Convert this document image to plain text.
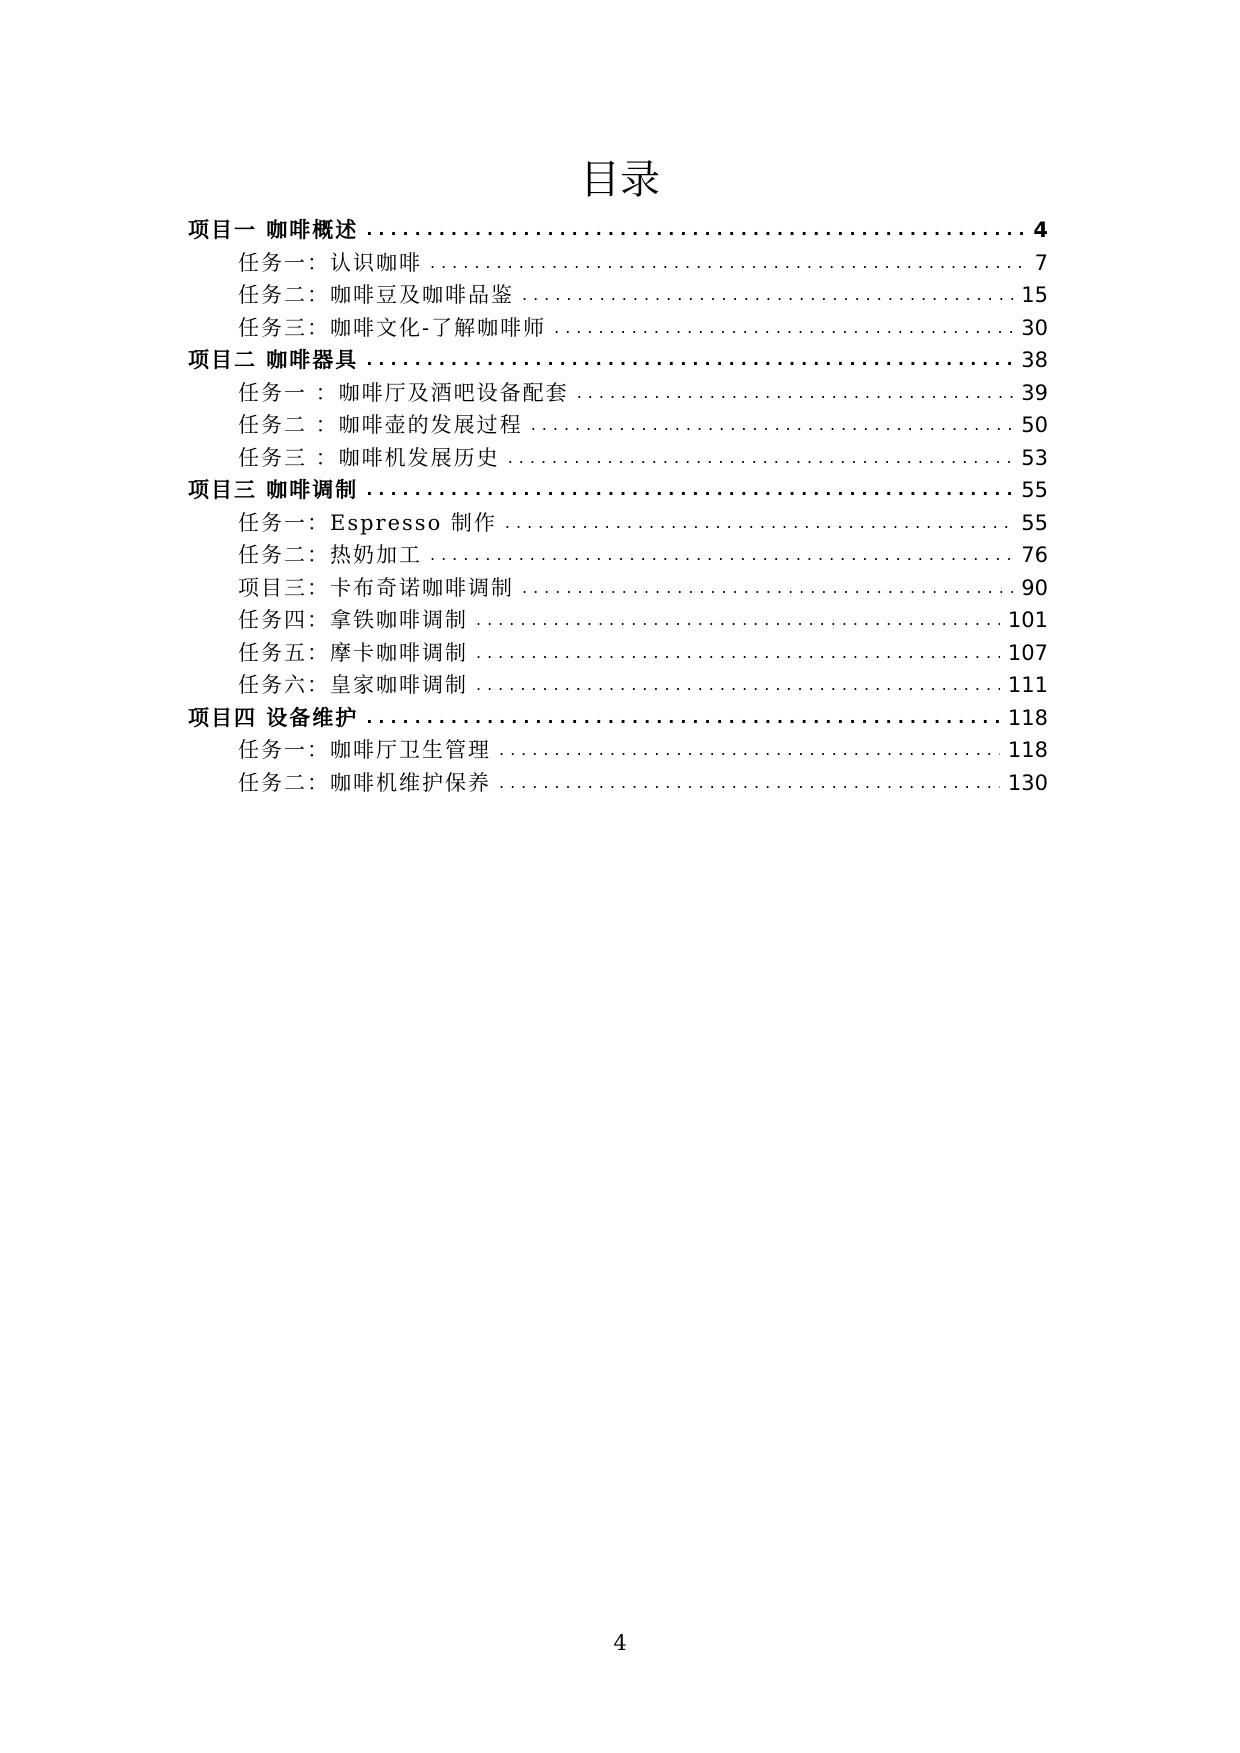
目录
项目一 咖啡概述 .....	4
任务一：认识咖啡 .....	7
任务二：咖啡豆及咖啡品鉴 .....	15
任务三：咖啡文化-了解咖啡师 .....	30
项目二 咖啡器具 .....	38
任务一 ：咖啡厅及酒吧设备配套 .....	39
任务二 ：咖啡壶的发展过程 .....	50
任务三 ：咖啡机发展历史 .....	53
项目三 咖啡调制 .....	55
任务一：Espresso 制作 .....	55
任务二：热奶加工 .....	76
项目三：卡布奇诺咖啡调制 .....	90
任务四：拿铁咖啡调制 .....	101
任务五：摩卡咖啡调制 .....	107
任务六：皇家咖啡调制 .....	111
项目四 设备维护 .....	118
任务一：咖啡厅卫生管理 .....	118
任务二：咖啡机维护保养 .....	130
4
